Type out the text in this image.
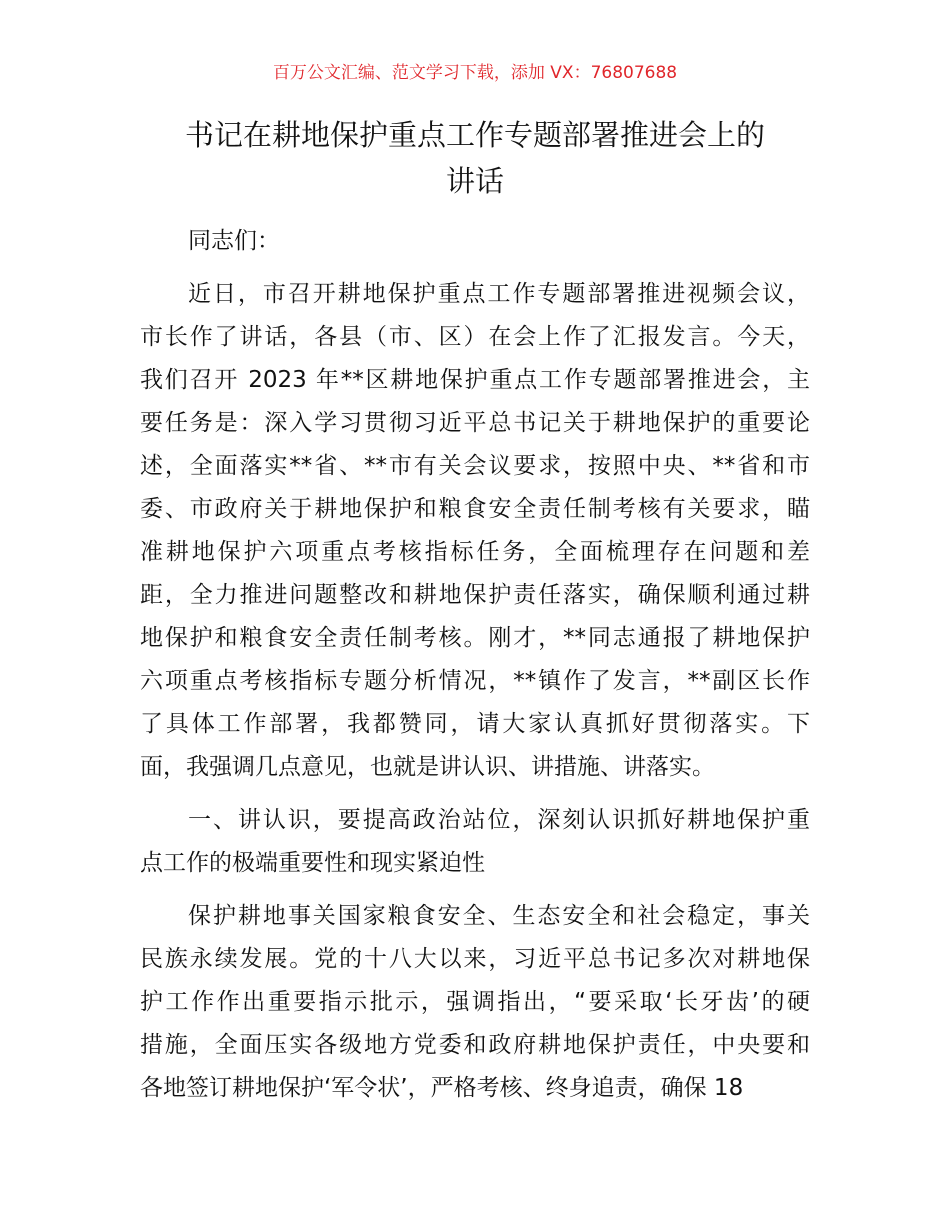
百万公文汇编、范文学习下载，添加 VX：76807688
书记在耕地保护重点工作专题部署推进会上的
讲话
同志们：
近日，市召开耕地保护重点工作专题部署推进视频会议，
市长作了讲话，各县（市、区）在会上作了汇报发言。今天，
我们召开 2023 年**区耕地保护重点工作专题部署推进会，主
要任务是：深入学习贯彻习近平总书记关于耕地保护的重要论
述，全面落实**省、**市有关会议要求，按照中央、**省和市
委、市政府关于耕地保护和粮食安全责任制考核有关要求，瞄
准耕地保护六项重点考核指标任务，全面梳理存在问题和差
距，全力推进问题整改和耕地保护责任落实，确保顺利通过耕
地保护和粮食安全责任制考核。刚才，**同志通报了耕地保护
六项重点考核指标专题分析情况，**镇作了发言，**副区长作
了具体工作部署，我都赞同，请大家认真抓好贯彻落实。下
面，我强调几点意见，也就是讲认识、讲措施、讲落实。
一、讲认识，要提高政治站位，深刻认识抓好耕地保护重
点工作的极端重要性和现实紧迫性
保护耕地事关国家粮食安全、生态安全和社会稳定，事关
民族永续发展。党的十八大以来，习近平总书记多次对耕地保
护工作作出重要指示批示，强调指出，“要采取‘长牙齿’的硬
措施，全面压实各级地方党委和政府耕地保护责任，中央要和
各地签订耕地保护‘军令状’，严格考核、终身追责，确保 18
